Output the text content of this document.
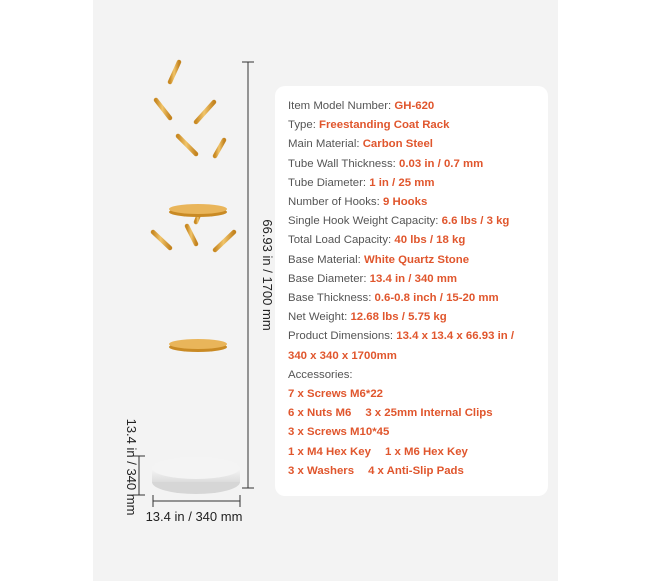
66.93 in / 1700 mm
13.4 in / 340 mm
13.4 in / 340 mm
Item Model Number: GH-620
Type: Freestanding Coat Rack
Main Material: Carbon Steel
Tube Wall Thickness: 0.03 in / 0.7 mm
Tube Diameter: 1 in / 25 mm
Number of Hooks: 9 Hooks
Single Hook Weight Capacity: 6.6 lbs / 3 kg
Total Load Capacity: 40 lbs / 18 kg
Base Material: White Quartz Stone
Base Diameter: 13.4 in / 340 mm
Base Thickness: 0.6-0.8 inch / 15-20 mm
Net Weight: 12.68 lbs / 5.75 kg
Product Dimensions: 13.4 x 13.4 x 66.93 in /
340 x 340 x 1700mm
Accessories:
7 x Screws M6*22
6 x Nuts M6 3 x 25mm Internal Clips
3 x Screws M10*45
1 x M4 Hex Key 1 x M6 Hex Key
3 x Washers 4 x Anti-Slip Pads
